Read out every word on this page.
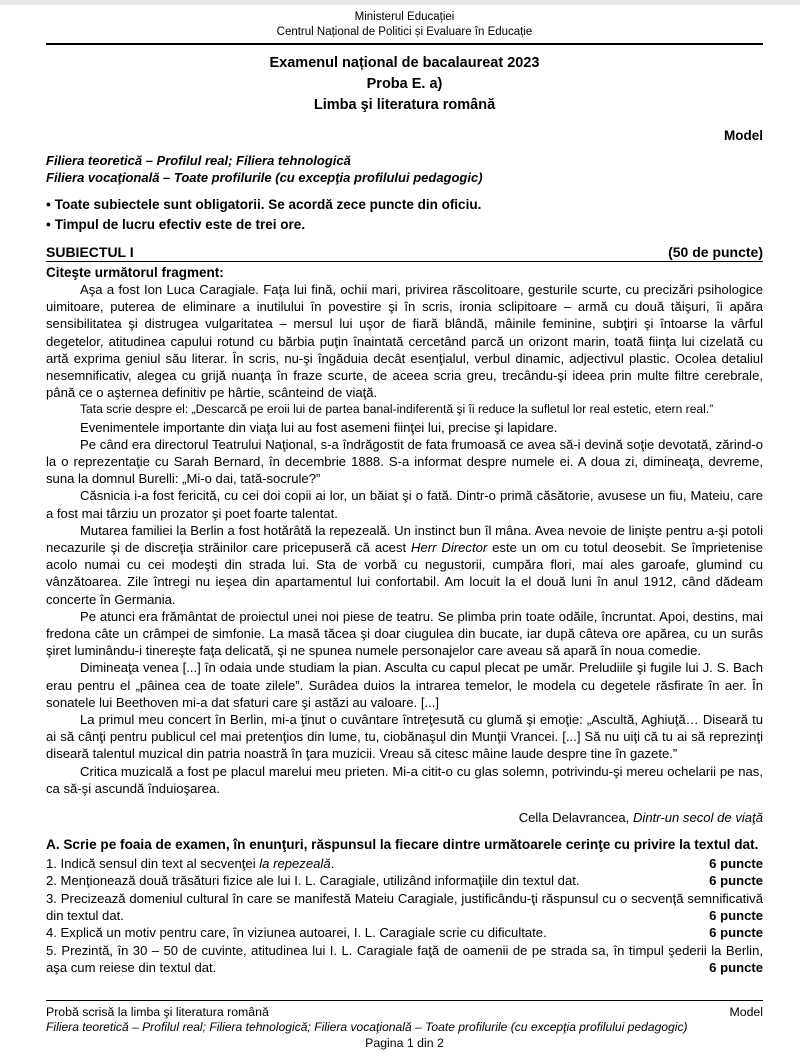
Ministerul Educației
Centrul Național de Politici și Evaluare în Educație
Examenul național de bacalaureat 2023
Proba E. a)
Limba şi literatura română
Model
Filiera teoretică – Profilul real; Filiera tehnologică
Filiera vocaţională – Toate profilurile (cu excepţia profilului pedagogic)
• Toate subiectele sunt obligatorii. Se acordă zece puncte din oficiu.
• Timpul de lucru efectiv este de trei ore.
SUBIECTUL I	(50 de puncte)
Citeşte următorul fragment:

Aşa a fost Ion Luca Caragiale. Faţa lui fină, ochii mari, privirea răscolitoare, gesturile scurte, cu precizări psihologice uimitoare, puterea de eliminare a inutilului în povestire şi în scris, ironia sclipitoare – armă cu două tăişuri, îi apăra sensibilitatea şi distrugea vulgaritatea – mersul lui uşor de fiară blândă, mâinile feminine, subţiri şi întoarse la vârful degetelor, atitudinea capului rotund cu bărbia puţin înaintată cercetând parcă un orizont marin, toată fiinţa lui cizelată cu artă exprima geniul său literar. În scris, nu-şi îngăduia decât esenţialul, verbul dinamic, adjectivul plastic. Ocolea detaliul nesemnificativ, alegea cu grijă nuanţa în fraze scurte, de aceea scria greu, trecându-şi ideea prin multe filtre cerebrale, până ce o aşternea definitiv pe hârtie, scânteind de viaţă.

Tata scrie despre el: „Descarcă pe eroii lui de partea banal-indiferentă şi îi reduce la sufletul lor real estetic, etern real.”

Evenimentele importante din viaţa lui au fost asemeni fiinţei lui, precise şi lapidare.

Pe când era directorul Teatrului Naţional, s-a îndrăgostit de fata frumoasă ce avea să-i devină soţie devotată, zărind-o la o reprezentaţie cu Sarah Bernard, în decembrie 1888. S-a informat despre numele ei. A doua zi, dimineaţa, devreme, suna la domnul Burelli: „Mi-o dai, tată-socrule?”

Căsnicia i-a fost fericită, cu cei doi copii ai lor, un băiat şi o fată. Dintr-o primă căsătorie, avusese un fiu, Mateiu, care a fost mai târziu un prozator şi poet foarte talentat.

Mutarea familiei la Berlin a fost hotărâtă la repezeală. Un instinct bun îl mâna. Avea nevoie de linişte pentru a-şi potoli necazurile şi de discreţia străinilor care pricepuseră că acest Herr Director este un om cu totul deosebit. Se împrietenise acolo numai cu cei modeşti din strada lui. Sta de vorbă cu negustorii, cumpăra flori, mai ales garoafe, glumind cu vânzătoarea. Zile întregi nu ieşea din apartamentul lui confortabil. Am locuit la el două luni în anul 1912, când dădeam concerte în Germania.

Pe atunci era frământat de proiectul unei noi piese de teatru. Se plimba prin toate odăile, încruntat. Apoi, destins, mai fredona câte un crâmpei de simfonie. La masă tăcea şi doar ciugulea din bucate, iar după câteva ore apărea, cu un surâs şiret luminându-i tinereşte faţa delicată, şi ne spunea numele personajelor care aveau să apară în noua comedie.

Dimineaţa venea [...] în odaia unde studiam la pian. Asculta cu capul plecat pe umăr. Preludiile şi fugile lui J. S. Bach erau pentru el „pâinea cea de toate zilele”. Surâdea duios la intrarea temelor, le modela cu degetele răsfirate în aer. În sonatele lui Beethoven mi-a dat sfaturi care şi astăzi au valoare. [...]

La primul meu concert în Berlin, mi-a ţinut o cuvântare întreţesută cu glumă şi emoţie: „Ascultă, Aghiuţă… Diseară tu ai să cânţi pentru publicul cel mai pretenţios din lume, tu, ciobănaşul din Munţii Vrancei. [...] Să nu uiţi că tu ai să reprezinţi diseară talentul muzical din patria noastră în ţara muzicii. Vreau să citesc mâine laude despre tine în gazete.”

Critica muzicală a fost pe placul marelui meu prieten. Mi-a citit-o cu glas solemn, potrivindu-şi mereu ochelarii pe nas, ca să-şi ascundă înduioşarea.

Cella Delavrancea, Dintr-un secol de viaţă
A. Scrie pe foaia de examen, în enunţuri, răspunsul la fiecare dintre următoarele cerinţe cu privire la textul dat.
1. Indică sensul din text al secvenţei la repezeală.	6 puncte
2. Menţionează două trăsături fizice ale lui I. L. Caragiale, utilizând informaţiile din textul dat.	6 puncte
3. Precizează domeniul cultural în care se manifestă Mateiu Caragiale, justificându-ţi răspunsul cu o secvenţă semnificativă din textul dat.	6 puncte
4. Explică un motiv pentru care, în viziunea autoarei, I. L. Caragiale scrie cu dificultate.	6 puncte
5. Prezintă, în 30 – 50 de cuvinte, atitudinea lui I. L. Caragiale faţă de oamenii de pe strada sa, în timpul şederii la Berlin, aşa cum reiese din textul dat.	6 puncte
Probă scrisă la limba şi literatura română	Model
Filiera teoretică – Profilul real; Filiera tehnologică; Filiera vocaţională – Toate profilurile (cu excepţia profilului pedagogic)
Pagina 1 din 2
